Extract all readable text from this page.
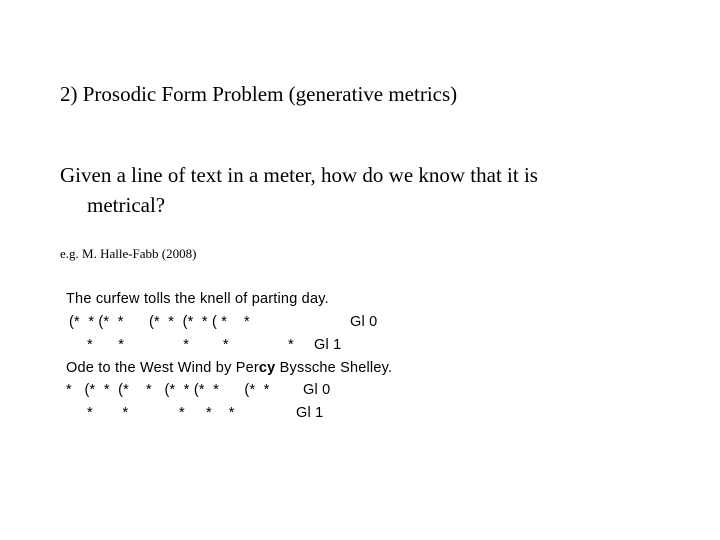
2) Prosodic Form Problem (generative metrics)
Given a line of text in a meter, how do we know that it is
metrical?
e.g. M. Halle-Fabb (2008)
The curfew tolls the knell of parting day.
(*  * (*  *      (*  *  (*  * ( *    *	Gl 0
*      *              *        *              * Gl 1
Ode to the West Wind by Percy Byssche Shelley.
*   (*  *  (*    *   (*  * (*  *      (*  * Gl 0
*       *            *     *    *	Gl 1
